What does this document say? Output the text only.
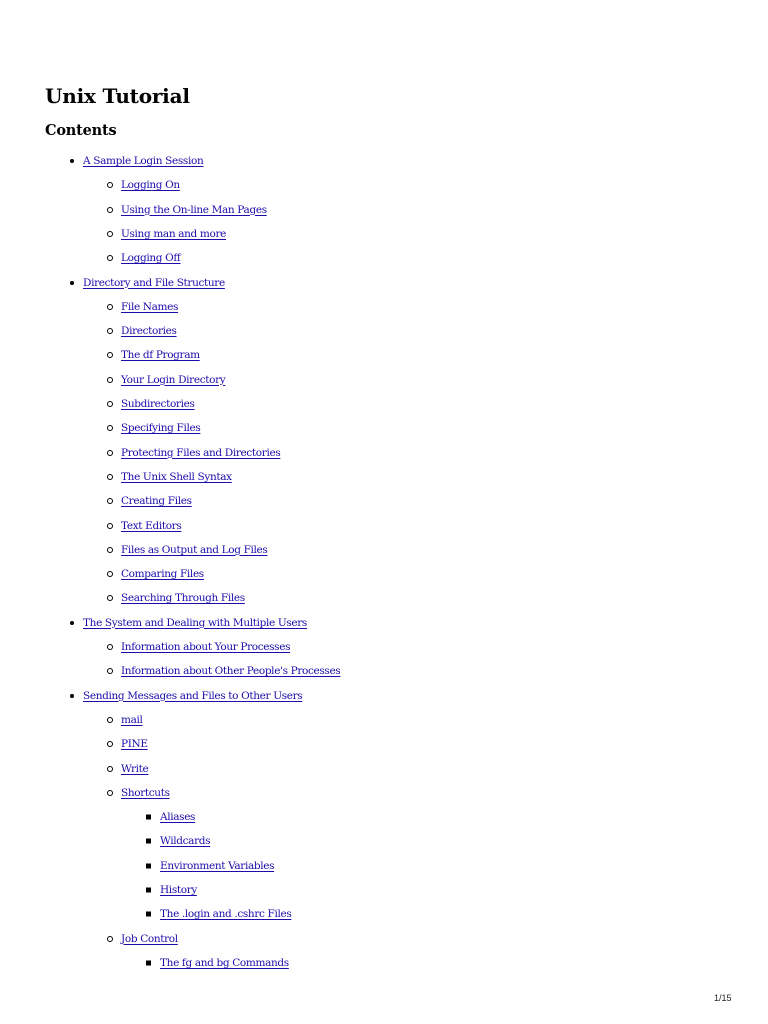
Unix Tutorial
Contents
A Sample Login Session
Logging On
Using the On-line Man Pages
Using man and more
Logging Off
Directory and File Structure
File Names
Directories
The df Program
Your Login Directory
Subdirectories
Specifying Files
Protecting Files and Directories
The Unix Shell Syntax
Creating Files
Text Editors
Files as Output and Log Files
Comparing Files
Searching Through Files
The System and Dealing with Multiple Users
Information about Your Processes
Information about Other People's Processes
Sending Messages and Files to Other Users
mail
PINE
Write
Shortcuts
Aliases
Wildcards
Environment Variables
History
The .login and .cshrc Files
Job Control
The fg and bg Commands
1/15
